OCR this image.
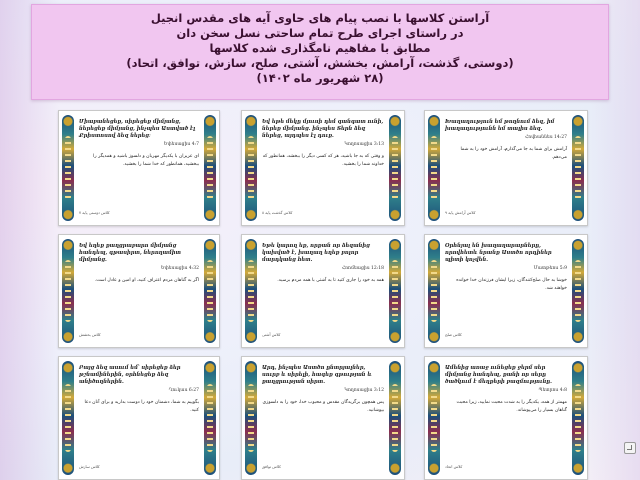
آراستن کلاسها با نصب پیام های حاوی آیه های مقدس انجیل
در راستای اجرای طرح تمام ساحتی نسل سخن دان
مطابق با مفاهیم نامگذاری شده کلاسها
(دوستی، گذشت، آرامش، بخشش، آشتی، صلح، سازش، توافق، اتحاد)
(۲۸ شهریور ماه ۱۴۰۲)
Միաբանեցեք, սիրեցեք միմյանց, ներեցեք միմյանց, ինչպես Աստված էլ Քրիստոսով ձեզ ներեց։
Եփեսացիս 4:7
ای عزیزان با یکدیگر مهربان و دلسوز باشید و همدیگر را ببخشید، همانطور که خدا شما را بخشید.
کلاس دوستی پایه ۷
Եվ եթե մեկը մյուսի դեմ գանգատ ունի, ներեք միմյանց. ինչպես Տերն ձեզ ներեց, այդպես էլ դուք.
Կողոսացիս 3:13
و وقتی که به جا باشید، هر که کسی دیگر را ببخشد، همانطور که خداوند شما را بخشید.
کلاس گذشت پایه ۸
Խաղաղություն եմ թողնում ձեզ, իմ խաղաղությունն եմ տալիս ձեզ.
Հովհաննես 14:27
آرامش برای شما به جا می‌گذارم، آرامش خود را به شما می‌دهم.
کلاس آرامش پایه ۹
Եվ եղեք քաղցրաբարո միմյանց հանդեպ, գթասիրտ, ներողամիտ միմյանց.
Եփեսացիս 4:32
اگر به گناهان مردم اعتراف کنید، او امین و عادل است.
کلاس بخشش
Եթե կարող եք, որքան որ ձեզանից կախված է, խաղաղ եղեք բոլոր մարդկանց հետ.
Հռոմեացիս 12:18
همه به خود را جاری کنید تا به آشتی با همه مردم برسید.
کلاس آشتی
Օրհնյալ են խաղաղարարները, որովհետև նրանք Աստծո որդիներ պիտի կոչվեն.
Մատթեոս 5:9
خوشا به حال صلح‌کنندگان، زیرا ایشان فرزندان خدا خوانده خواهند شد.
کلاس صلح
Բայց ձեզ ասում եմ՝ սիրեցեք ձեր թշնամիներին, օրհնեցեք ձեզ անիծողներին.
Ղուկաս 6:27
بگوییم به شما، دشمنان خود را دوست بدارید و برای آنان دعا کنید.
کلاس سازش
Արդ, ինչպես Աստծո ընտրյալներ, սուրբ և սիրելի, հագեք գթության և քաղցրության սիրտ.
Կողոսացիս 3:12
پس همچون برگزیدگان مقدس و محبوب خدا، خود را به دلسوزی بپوشانید.
کلاس توافق
Ամենից առաջ ունեցեք ջերմ սեր միմյանց հանդեպ, քանի որ սերը ծածկում է մեղքերի բազմությունը.
Պետրոս 4:8
مهمتر از همه، یکدیگر را به شدت محبت نمایید، زیرا محبت گناهان بسیار را می‌پوشاند.
کلاس اتحاد
